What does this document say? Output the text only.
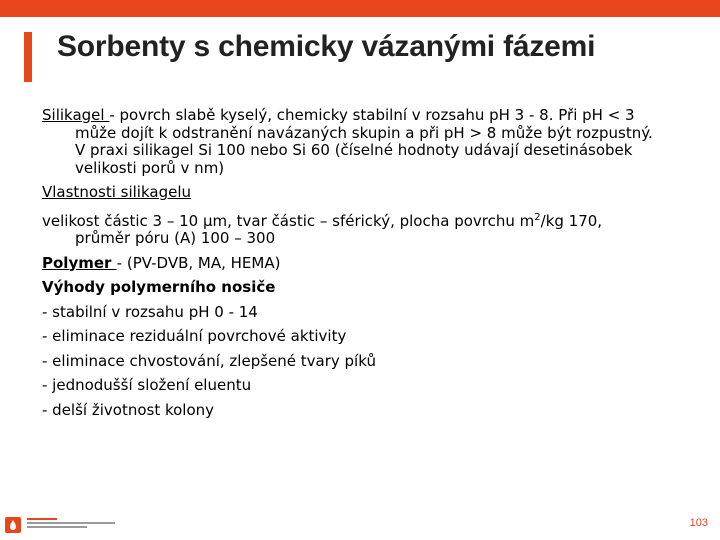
Sorbenty s chemicky vázanými fázemi

Silikagel - povrch slabě kyselý, chemicky stabilní v rozsahu pH 3 - 8. Při pH < 3

může dojít k odstranění navázaných skupin a při pH > 8 může být rozpustný.

V praxi silikagel Si 100 nebo Si 60 (číselné hodnoty udávají desetinásobek

velikosti porů v nm)

Vlastnosti silikagelu

velikost částic 3 – 10 µm, tvar částic – sférický, plocha povrchu $m^2/kg$ 170,

průměr póru (A) 100 – 300

Polymer - (PV-DVB, MA, HEMA)

Výhody polymerního nosiče

- stabilní v rozsahu pH 0 - 14

- eliminace reziduální povrchové aktivity

- eliminace chvostování, zlepšené tvary píků

- jednodušší složení eluentu

- delší životnost kolony

103
